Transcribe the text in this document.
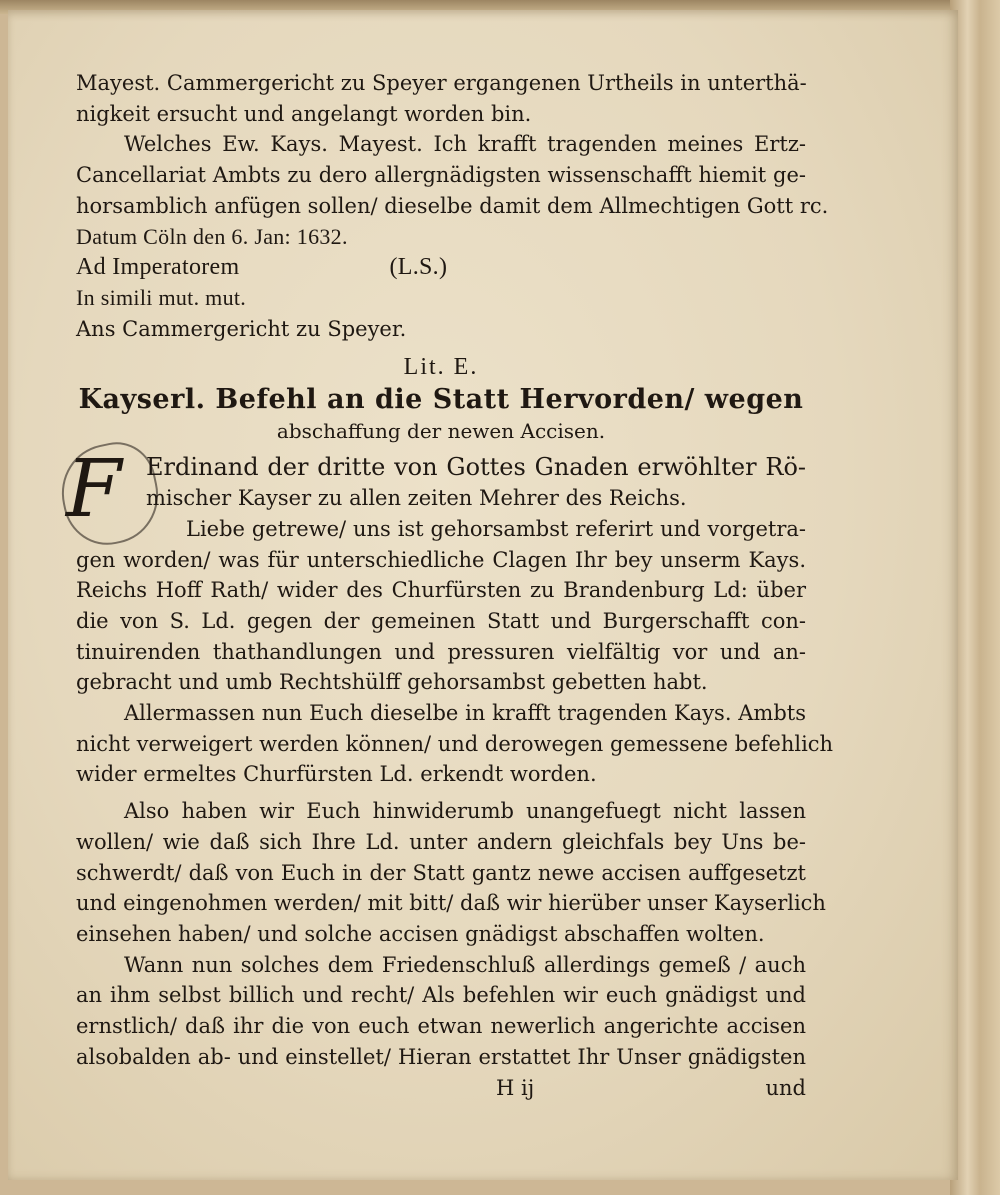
Mayest. Cammergericht zu Speyer ergangenen Urtheils in unterthä-
nigkeit ersucht und angelangt worden bin.
Welches Ew. Kays. Mayest. Ich krafft tragenden meines Ertz-
Cancellariat Ambts zu dero allergnädigsten wissenschafft hiemit ge-
horsamblich anfügen sollen/ dieselbe damit dem Allmechtigen Gott rc.
Datum Cöln den 6. Jan: 1632.
Ad Imperatorem	(L.S.)
In simili mut. mut.
Ans Cammergericht zu Speyer.
Lit. E.
Kayserl. Befehl an die Statt Hervorden/ wegen
abschaffung der newen Accisen.
F	Erdinand der dritte von Gottes Gnaden erwöhlter Rö-
mischer Kayser zu allen zeiten Mehrer des Reichs.
Liebe getrewe/ uns ist gehorsambst referirt und vorgetra-
gen worden/ was für unterschiedliche Clagen Ihr bey unserm Kays.
Reichs Hoff Rath/ wider des Churfürsten zu Brandenburg Ld: über
die von S. Ld. gegen der gemeinen Statt und Burgerschafft con-
tinuirenden thathandlungen und pressuren vielfältig vor und an-
gebracht und umb Rechtshülff gehorsambst gebetten habt.
Allermassen nun Euch dieselbe in krafft tragenden Kays. Ambts
nicht verweigert werden können/ und derowegen gemessene befehlich
wider ermeltes Churfürsten Ld. erkendt worden.
Also haben wir Euch hinwiderumb unangefuegt nicht lassen
wollen/ wie daß sich Ihre Ld. unter andern gleichfals bey Uns be-
schwerdt/ daß von Euch in der Statt gantz newe accisen auffgesetzt
und eingenohmen werden/ mit bitt/ daß wir hierüber unser Kayserlich
einsehen haben/ und solche accisen gnädigst abschaffen wolten.
Wann nun solches dem Friedenschluß allerdings gemeß / auch
an ihm selbst billich und recht/ Als befehlen wir euch gnädigst und
ernstlich/ daß ihr die von euch etwan newerlich angerichte accisen
alsobalden ab- und einstellet/ Hieran erstattet Ihr Unser gnädigsten
H ij	und
